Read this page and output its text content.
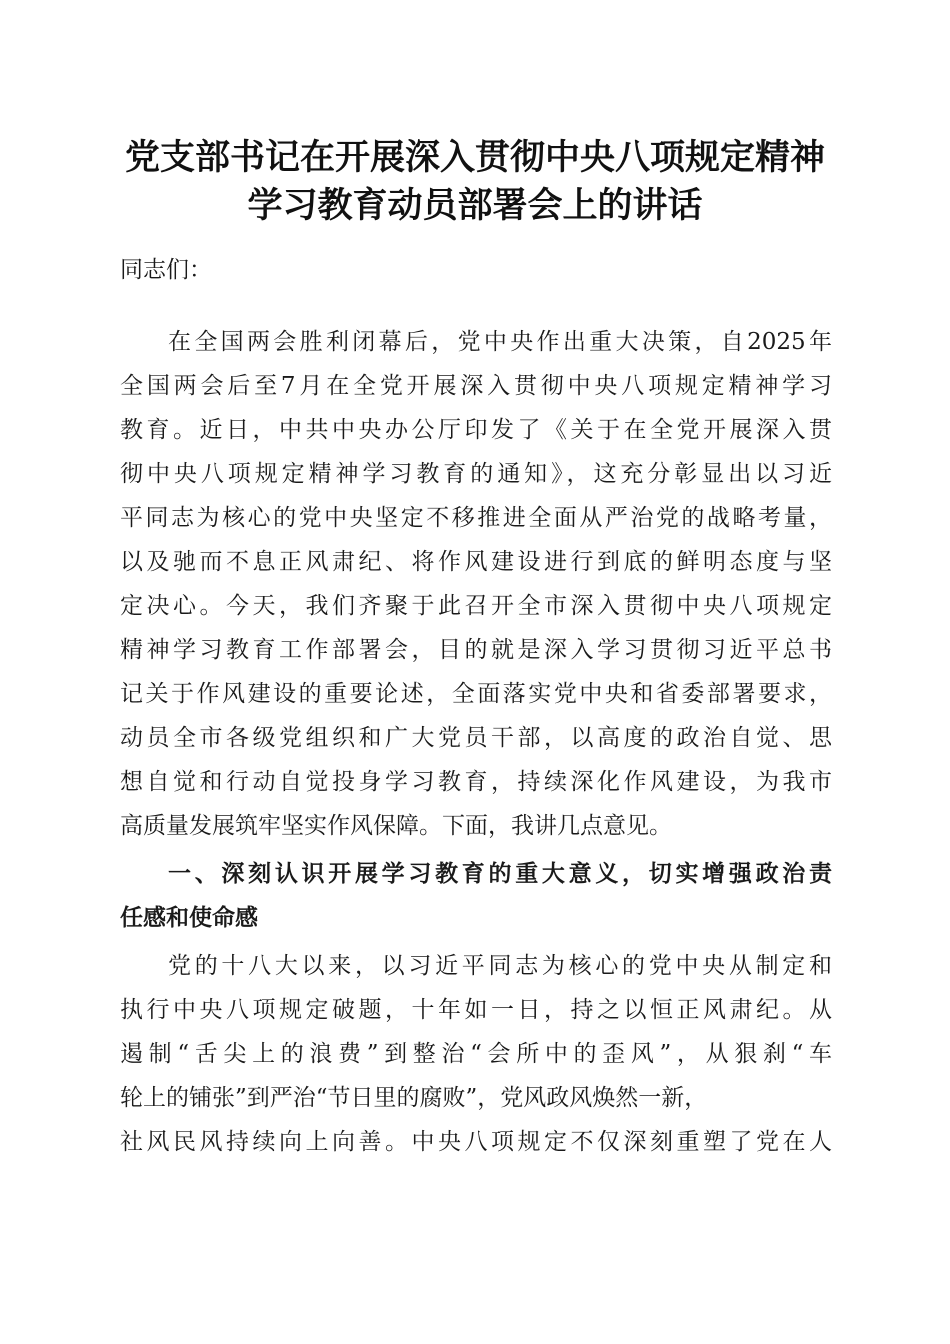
党支部书记在开展深入贯彻中央八项规定精神
学习教育动员部署会上的讲话
同志们：
在全国两会胜利闭幕后，党中央作出重大决策，自2025年
全国两会后至7月在全党开展深入贯彻中央八项规定精神学习
教育。近日，中共中央办公厅印发了《关于在全党开展深入贯
彻中央八项规定精神学习教育的通知》，这充分彰显出以习近
平同志为核心的党中央坚定不移推进全面从严治党的战略考量，
以及驰而不息正风肃纪、将作风建设进行到底的鲜明态度与坚
定决心。今天，我们齐聚于此召开全市深入贯彻中央八项规定
精神学习教育工作部署会，目的就是深入学习贯彻习近平总书
记关于作风建设的重要论述，全面落实党中央和省委部署要求，
动员全市各级党组织和广大党员干部，以高度的政治自觉、思
想自觉和行动自觉投身学习教育，持续深化作风建设，为我市
高质量发展筑牢坚实作风保障。下面，我讲几点意见。
一、深刻认识开展学习教育的重大意义，切实增强政治责
任感和使命感
党的十八大以来，以习近平同志为核心的党中央从制定和
执行中央八项规定破题，十年如一日，持之以恒正风肃纪。从
遏制“舌尖上的浪费”到整治“会所中的歪风”，从狠刹“车
轮上的铺张”到严治“节日里的腐败”，党风政风焕然一新，
社风民风持续向上向善。中央八项规定不仅深刻重塑了党在人
